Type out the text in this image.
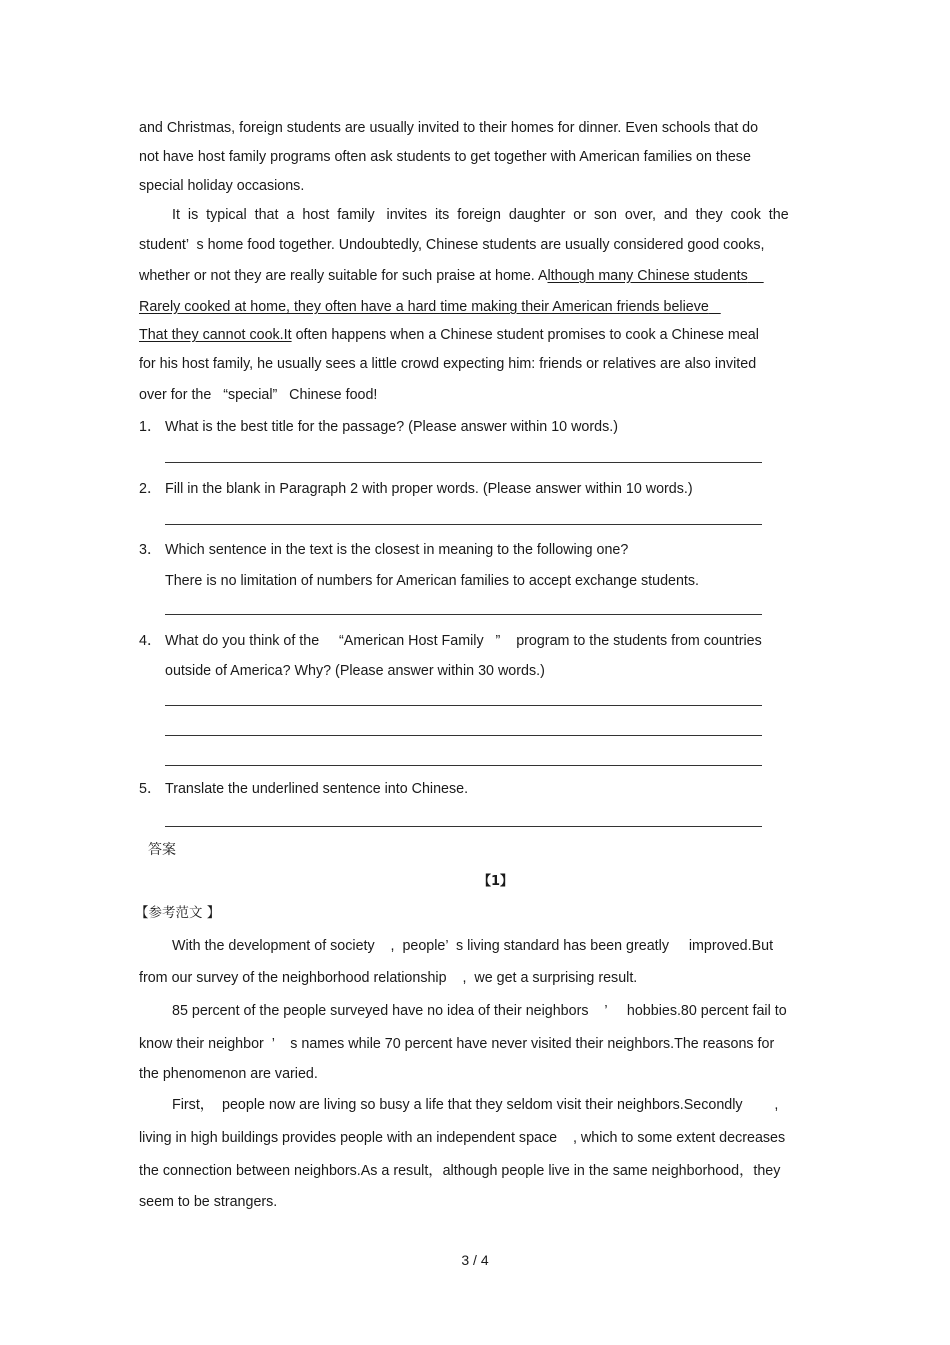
and Christmas, foreign students are usually invited to their homes for dinner. Even schools that do
not have host family programs often ask students to get together with American families on these
special holiday occasions.
It  is  typical  that  a  host  family   invites  its  foreign  daughter  or  son  over,  and  they  cook  the
student’  s home food together. Undoubtedly, Chinese students are usually considered good cooks,
whether or not they are really suitable for such praise at home. Although many Chinese students
Rarely cooked at home, they often have a hard time making their American friends believe
That they cannot cook.It often happens when a Chinese student promises to cook a Chinese meal
for his host family, he usually sees a little crowd expecting him: friends or relatives are also invited
over for the   “special”   Chinese food!
1． What is the best title for the passage? (Please answer within 10 words.)
2． Fill in the blank in Paragraph 2 with proper words. (Please answer within 10 words.)
3． Which sentence in the text is the closest in meaning to the following one?
There is no limitation of numbers for American families to accept exchange students.
4． What do you think of the     “American Host Family   ”    program to the students from countries
outside of America? Why? (Please answer within 30 words.)
5． Translate the underlined sentence into Chinese.
答案
【1】
【参考范文 】
With the development of society    ,  people’  s living standard has been greatly     improved.But
from our survey of the neighborhood relationship    ,  we get a surprising result.
85 percent of the people surveyed have no idea of their neighbors    ’     hobbies.80 percent fail to
know their neighbor  ’    s names while 70 percent have never visited their neighbors.The reasons for
the phenomenon are varied.
First，  people now are living so busy a life that they seldom visit their neighbors.Secondly        ,
living in high buildings provides people with an independent space    , which to some extent decreases
the connection between neighbors.As a result，although people live in the same neighborhood，they
seem to be strangers.
3 / 4
